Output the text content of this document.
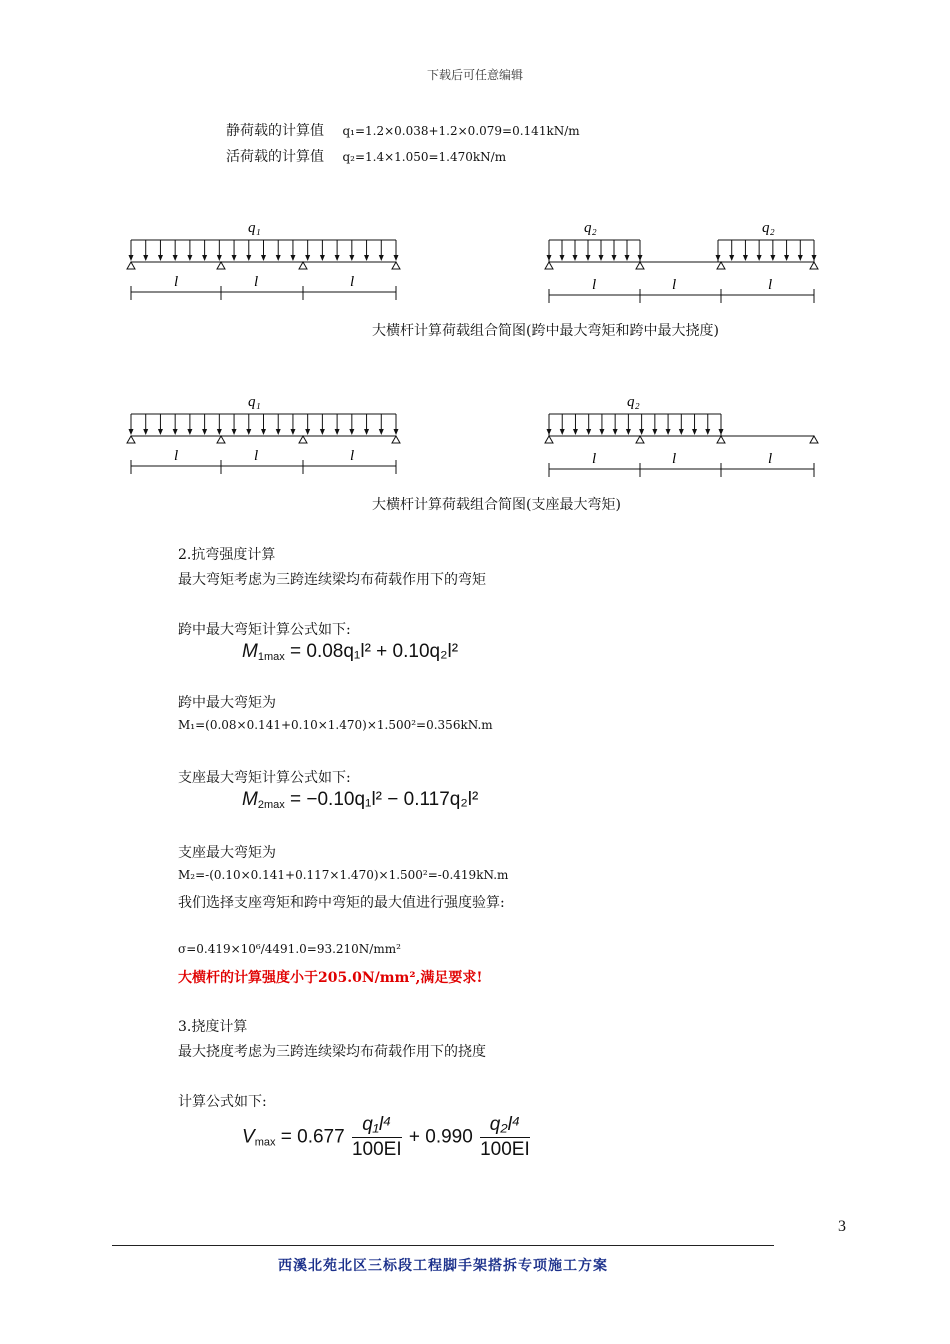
下载后可任意编辑
静荷载的计算值 q₁=1.2×0.038+1.2×0.079=0.141kN/m
活荷载的计算值 q₂=1.4×1.050=1.470kN/m
q₁
l	l	l
q₂	q₂
l	l	l
大横杆计算荷载组合简图(跨中最大弯矩和跨中最大挠度)
q₁
l	l	l
q₂
l	l	l
大横杆计算荷载组合简图(支座最大弯矩)
2.抗弯强度计算
最大弯矩考虑为三跨连续梁均布荷载作用下的弯矩
跨中最大弯矩计算公式如下:
$M_{1max} = 0.08q_1l^2 + 0.10q_2l^2$
跨中最大弯矩为
M₁=(0.08×0.141+0.10×1.470)×1.500²=0.356kN.m
支座最大弯矩计算公式如下:
$M_{2max} = -0.10q_1l^2 - 0.117q_2l^2$
支座最大弯矩为
M₂=-(0.10×0.141+0.117×1.470)×1.500²=-0.419kN.m
我们选择支座弯矩和跨中弯矩的最大值进行强度验算:
σ=0.419×10⁶/4491.0=93.210N/mm²
大横杆的计算强度小于205.0N/mm²,满足要求!
3.挠度计算
最大挠度考虑为三跨连续梁均布荷载作用下的挠度
计算公式如下:
$V_{max} = 0.677 \frac{\text{q₁l⁴}}{100EI} + 0.990 \frac{\text{q₂l⁴}}{100EI}$
3
西溪北苑北区三标段工程脚手架搭拆专项施工方案
